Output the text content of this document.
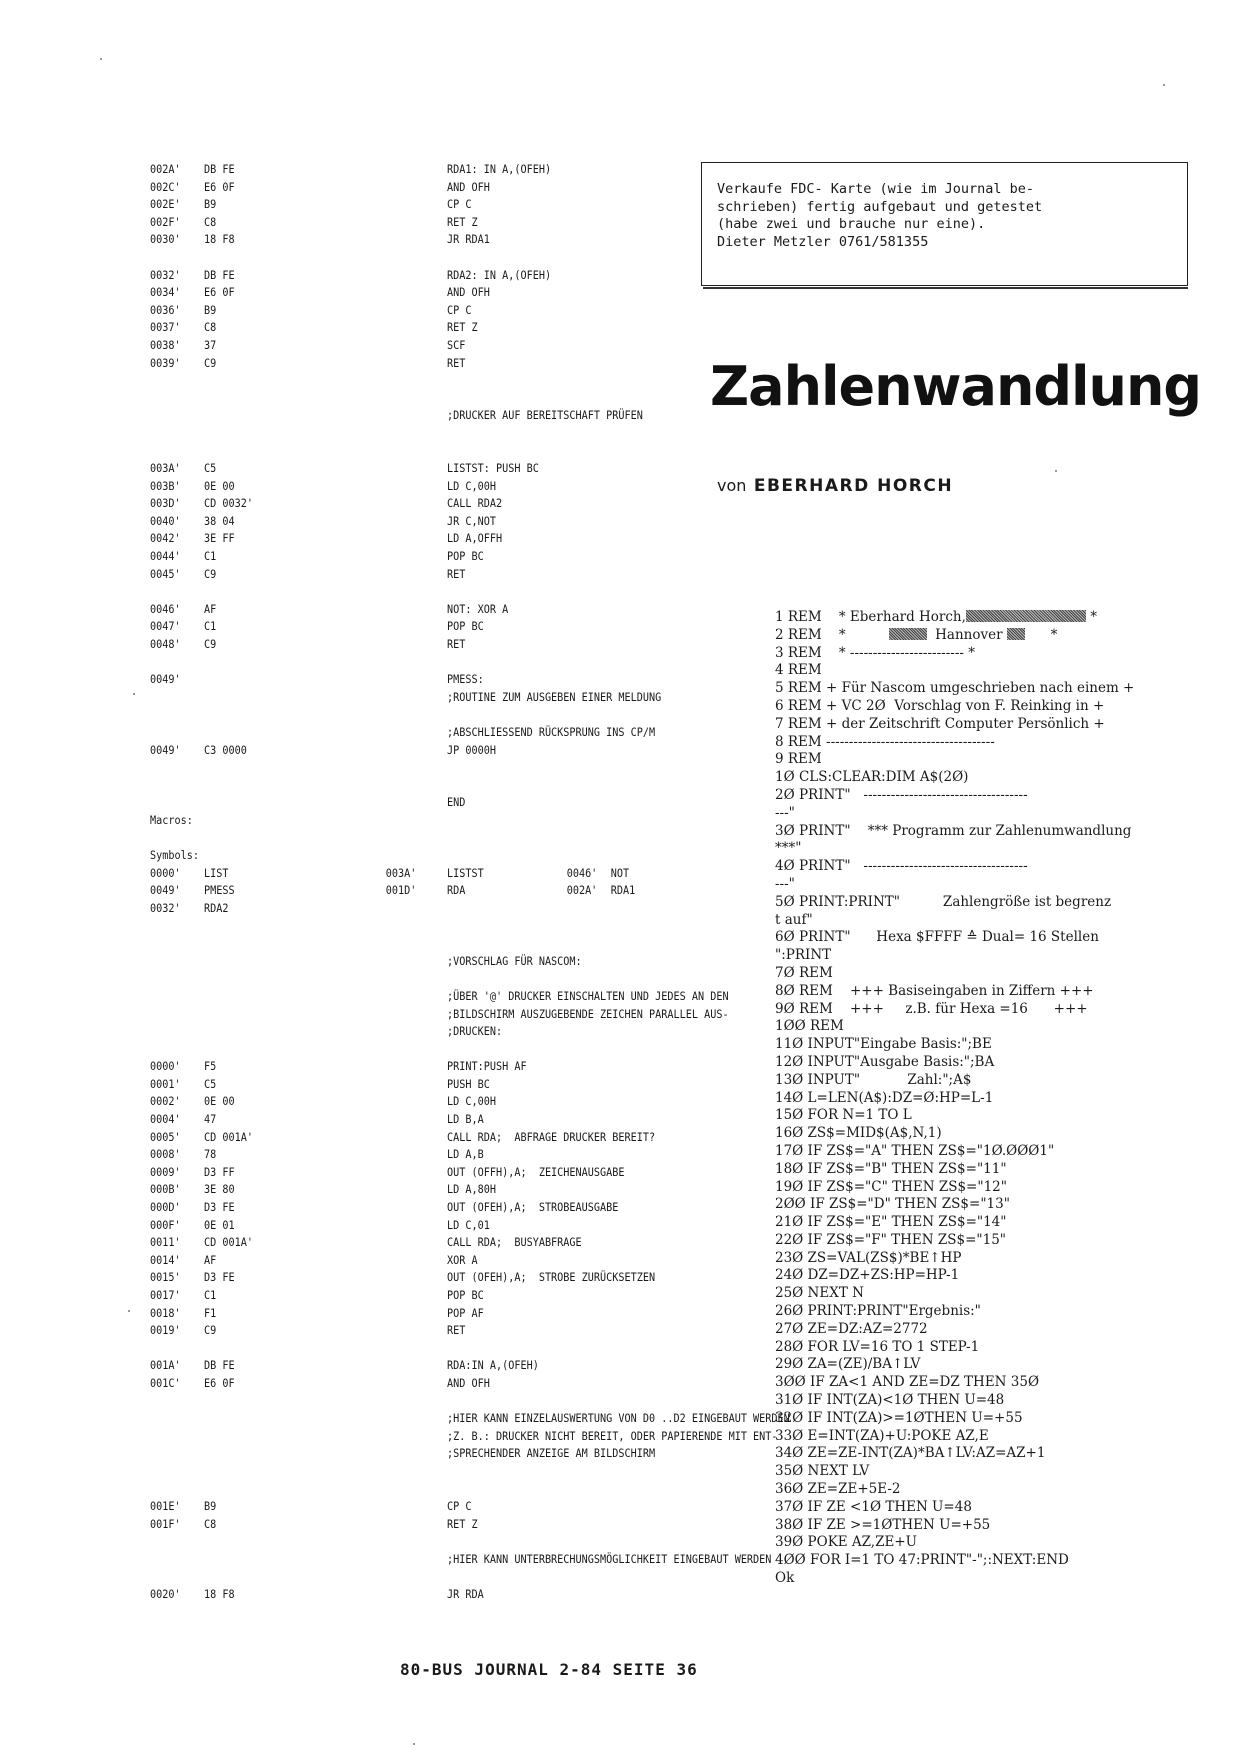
002A' DB FE	RDA1: IN A,(OFEH)
002C' E6 0F	AND OFH
002E' B9	CP C
002F' C8	RET Z
0030' 18 F8	JR RDA1
0032' DB FE	RDA2: IN A,(OFEH)
0034' E6 0F	AND OFH
0036' B9	CP C
0037' C8	RET Z
0038' 37	SCF
0039' C9	RET
;DRUCKER AUF BEREITSCHAFT PRÜFEN
003A' C5	LISTST: PUSH BC
003B' 0E 00	LD C,00H
003D' CD 0032'	CALL RDA2
0040' 38 04	JR C,NOT
0042' 3E FF	LD A,OFFH
0044' C1	POP BC
0045' C9	RET
0046' AF	NOT: XOR A
0047' C1	POP BC
0048' C9	RET
0049'	PMESS:
;ROUTINE ZUM AUSGEBEN EINER MELDUNG
;ABSCHLIESSEND RÜCKSPRUNG INS CP/M
0049' C3 0000	JP 0000H
END
Macros:
Symbols:
0000' LIST	003A'	LISTST	0046' NOT
0049' PMESS	001D'	RDA	002A' RDA1
0032' RDA2
;VORSCHLAG FÜR NASCOM:
;ÜBER '@' DRUCKER EINSCHALTEN UND JEDES AN DEN
;BILDSCHIRM AUSZUGEBENDE ZEICHEN PARALLEL AUS-
;DRUCKEN:
0000' F5	PRINT:PUSH AF
0001' C5	PUSH BC
0002' 0E 00	LD C,00H
0004' 47	LD B,A
0005' CD 001A'	CALL RDA;  ABFRAGE DRUCKER BEREIT?
0008' 78	LD A,B
0009' D3 FF	OUT (OFFH),A;  ZEICHENAUSGABE
000B' 3E 80	LD A,80H
000D' D3 FE	OUT (OFEH),A;  STROBEAUSGABE
000F' 0E 01	LD C,01
0011' CD 001A'	CALL RDA;  BUSYABFRAGE
0014' AF	XOR A
0015' D3 FE	OUT (OFEH),A;  STROBE ZURÜCKSETZEN
0017' C1	POP BC
0018' F1	POP AF
0019' C9	RET
001A' DB FE	RDA:IN A,(OFEH)
001C' E6 0F	AND OFH
;HIER KANN EINZELAUSWERTUNG VON D0 ..D2 EINGEBAUT WERDEN
;Z. B.: DRUCKER NICHT BEREIT, ODER PAPIERENDE MIT ENT-
;SPRECHENDER ANZEIGE AM BILDSCHIRM
001E' B9	CP C
001F' C8	RET Z
;HIER KANN UNTERBRECHUNGSMÖGLICHKEIT EINGEBAUT WERDEN
0020' 18 F8	JR RDA
Verkaufe FDC- Karte (wie im Journal be-
schrieben) fertig aufgebaut und getestet
(habe zwei und brauche nur eine).
Dieter Metzler 0761/581355
Zahlenwandlung
von EBERHARD HORCH
1 REM    * Eberhard Horch,	*
2 REM    *	Hannover       *
3 REM    * ------------------------- *
4 REM
5 REM + Für Nascom umgeschrieben nach einem +
6 REM + VC 2Ø  Vorschlag von F. Reinking in +
7 REM + der Zeitschrift Computer Persönlich +
8 REM -------------------------------------
9 REM
1Ø CLS:CLEAR:DIM A$(2Ø)
2Ø PRINT"   ------------------------------------
---"
3Ø PRINT"    *** Programm zur Zahlenumwandlung
***"
4Ø PRINT"   ------------------------------------
---"
5Ø PRINT:PRINT"          Zahlengröße ist begrenz
t auf"
6Ø PRINT"      Hexa $FFFF ≙ Dual= 16 Stellen
":PRINT
7Ø REM
8Ø REM    +++ Basiseingaben in Ziffern +++
9Ø REM    +++     z.B. für Hexa =16      +++
1ØØ REM
11Ø INPUT"Eingabe Basis:";BE
12Ø INPUT"Ausgabe Basis:";BA
13Ø INPUT"           Zahl:";A$
14Ø L=LEN(A$):DZ=Ø:HP=L-1
15Ø FOR N=1 TO L
16Ø ZS$=MID$(A$,N,1)
17Ø IF ZS$="A" THEN ZS$="1Ø.ØØØ1"
18Ø IF ZS$="B" THEN ZS$="11"
19Ø IF ZS$="C" THEN ZS$="12"
2ØØ IF ZS$="D" THEN ZS$="13"
21Ø IF ZS$="E" THEN ZS$="14"
22Ø IF ZS$="F" THEN ZS$="15"
23Ø ZS=VAL(ZS$)*BE↑HP
24Ø DZ=DZ+ZS:HP=HP-1
25Ø NEXT N
26Ø PRINT:PRINT"Ergebnis:"
27Ø ZE=DZ:AZ=2772
28Ø FOR LV=16 TO 1 STEP-1
29Ø ZA=(ZE)/BA↑LV
3ØØ IF ZA<1 AND ZE=DZ THEN 35Ø
31Ø IF INT(ZA)<1Ø THEN U=48
32Ø IF INT(ZA)>=1ØTHEN U=+55
33Ø E=INT(ZA)+U:POKE AZ,E
34Ø ZE=ZE-INT(ZA)*BA↑LV:AZ=AZ+1
35Ø NEXT LV
36Ø ZE=ZE+5E-2
37Ø IF ZE <1Ø THEN U=48
38Ø IF ZE >=1ØTHEN U=+55
39Ø POKE AZ,ZE+U
4ØØ FOR I=1 TO 47:PRINT"-";:NEXT:END
Ok
80-BUS JOURNAL 2-84 SEITE 36
